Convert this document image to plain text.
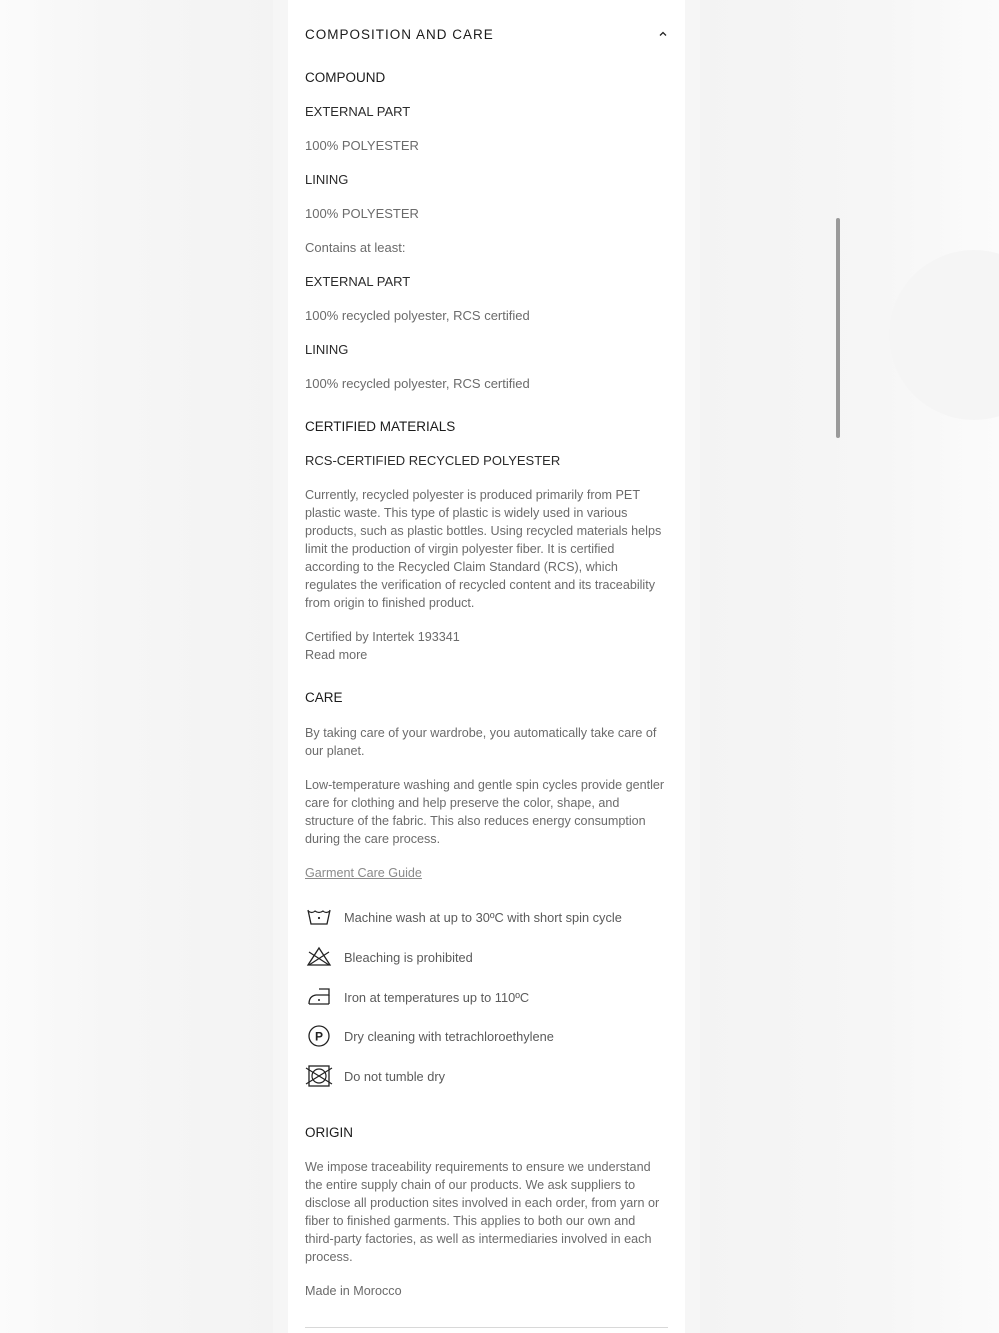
COMPOSITION AND CARE

COMPOUND

EXTERNAL PART

100% POLYESTER

LINING

100% POLYESTER

Contains at least:

EXTERNAL PART

100% recycled polyester, RCS certified

LINING

100% recycled polyester, RCS certified

CERTIFIED MATERIALS

RCS-CERTIFIED RECYCLED POLYESTER

Currently, recycled polyester is produced primarily from PET plastic waste. This type of plastic is widely used in various products, such as plastic bottles. Using recycled materials helps limit the production of virgin polyester fiber. It is certified according to the Recycled Claim Standard (RCS), which regulates the verification of recycled content and its traceability from origin to finished product.

Certified by Intertek 193341

Read more

CARE

By taking care of your wardrobe, you automatically take care of our planet.

Low-temperature washing and gentle spin cycles provide gentler care for clothing and help preserve the color, shape, and structure of the fabric. This also reduces energy consumption during the care process.

Garment Care Guide

Machine wash at up to 30ºC with short spin cycle
Bleaching is prohibited
Iron at temperatures up to 110ºC
P Dry cleaning with tetrachloroethylene
Do not tumble dry

ORIGIN

We impose traceability requirements to ensure we understand the entire supply chain of our products. We ask suppliers to disclose all production sites involved in each order, from yarn or fiber to finished garments. This applies to both our own and third-party factories, as well as intermediaries involved in each process.

Made in Morocco
